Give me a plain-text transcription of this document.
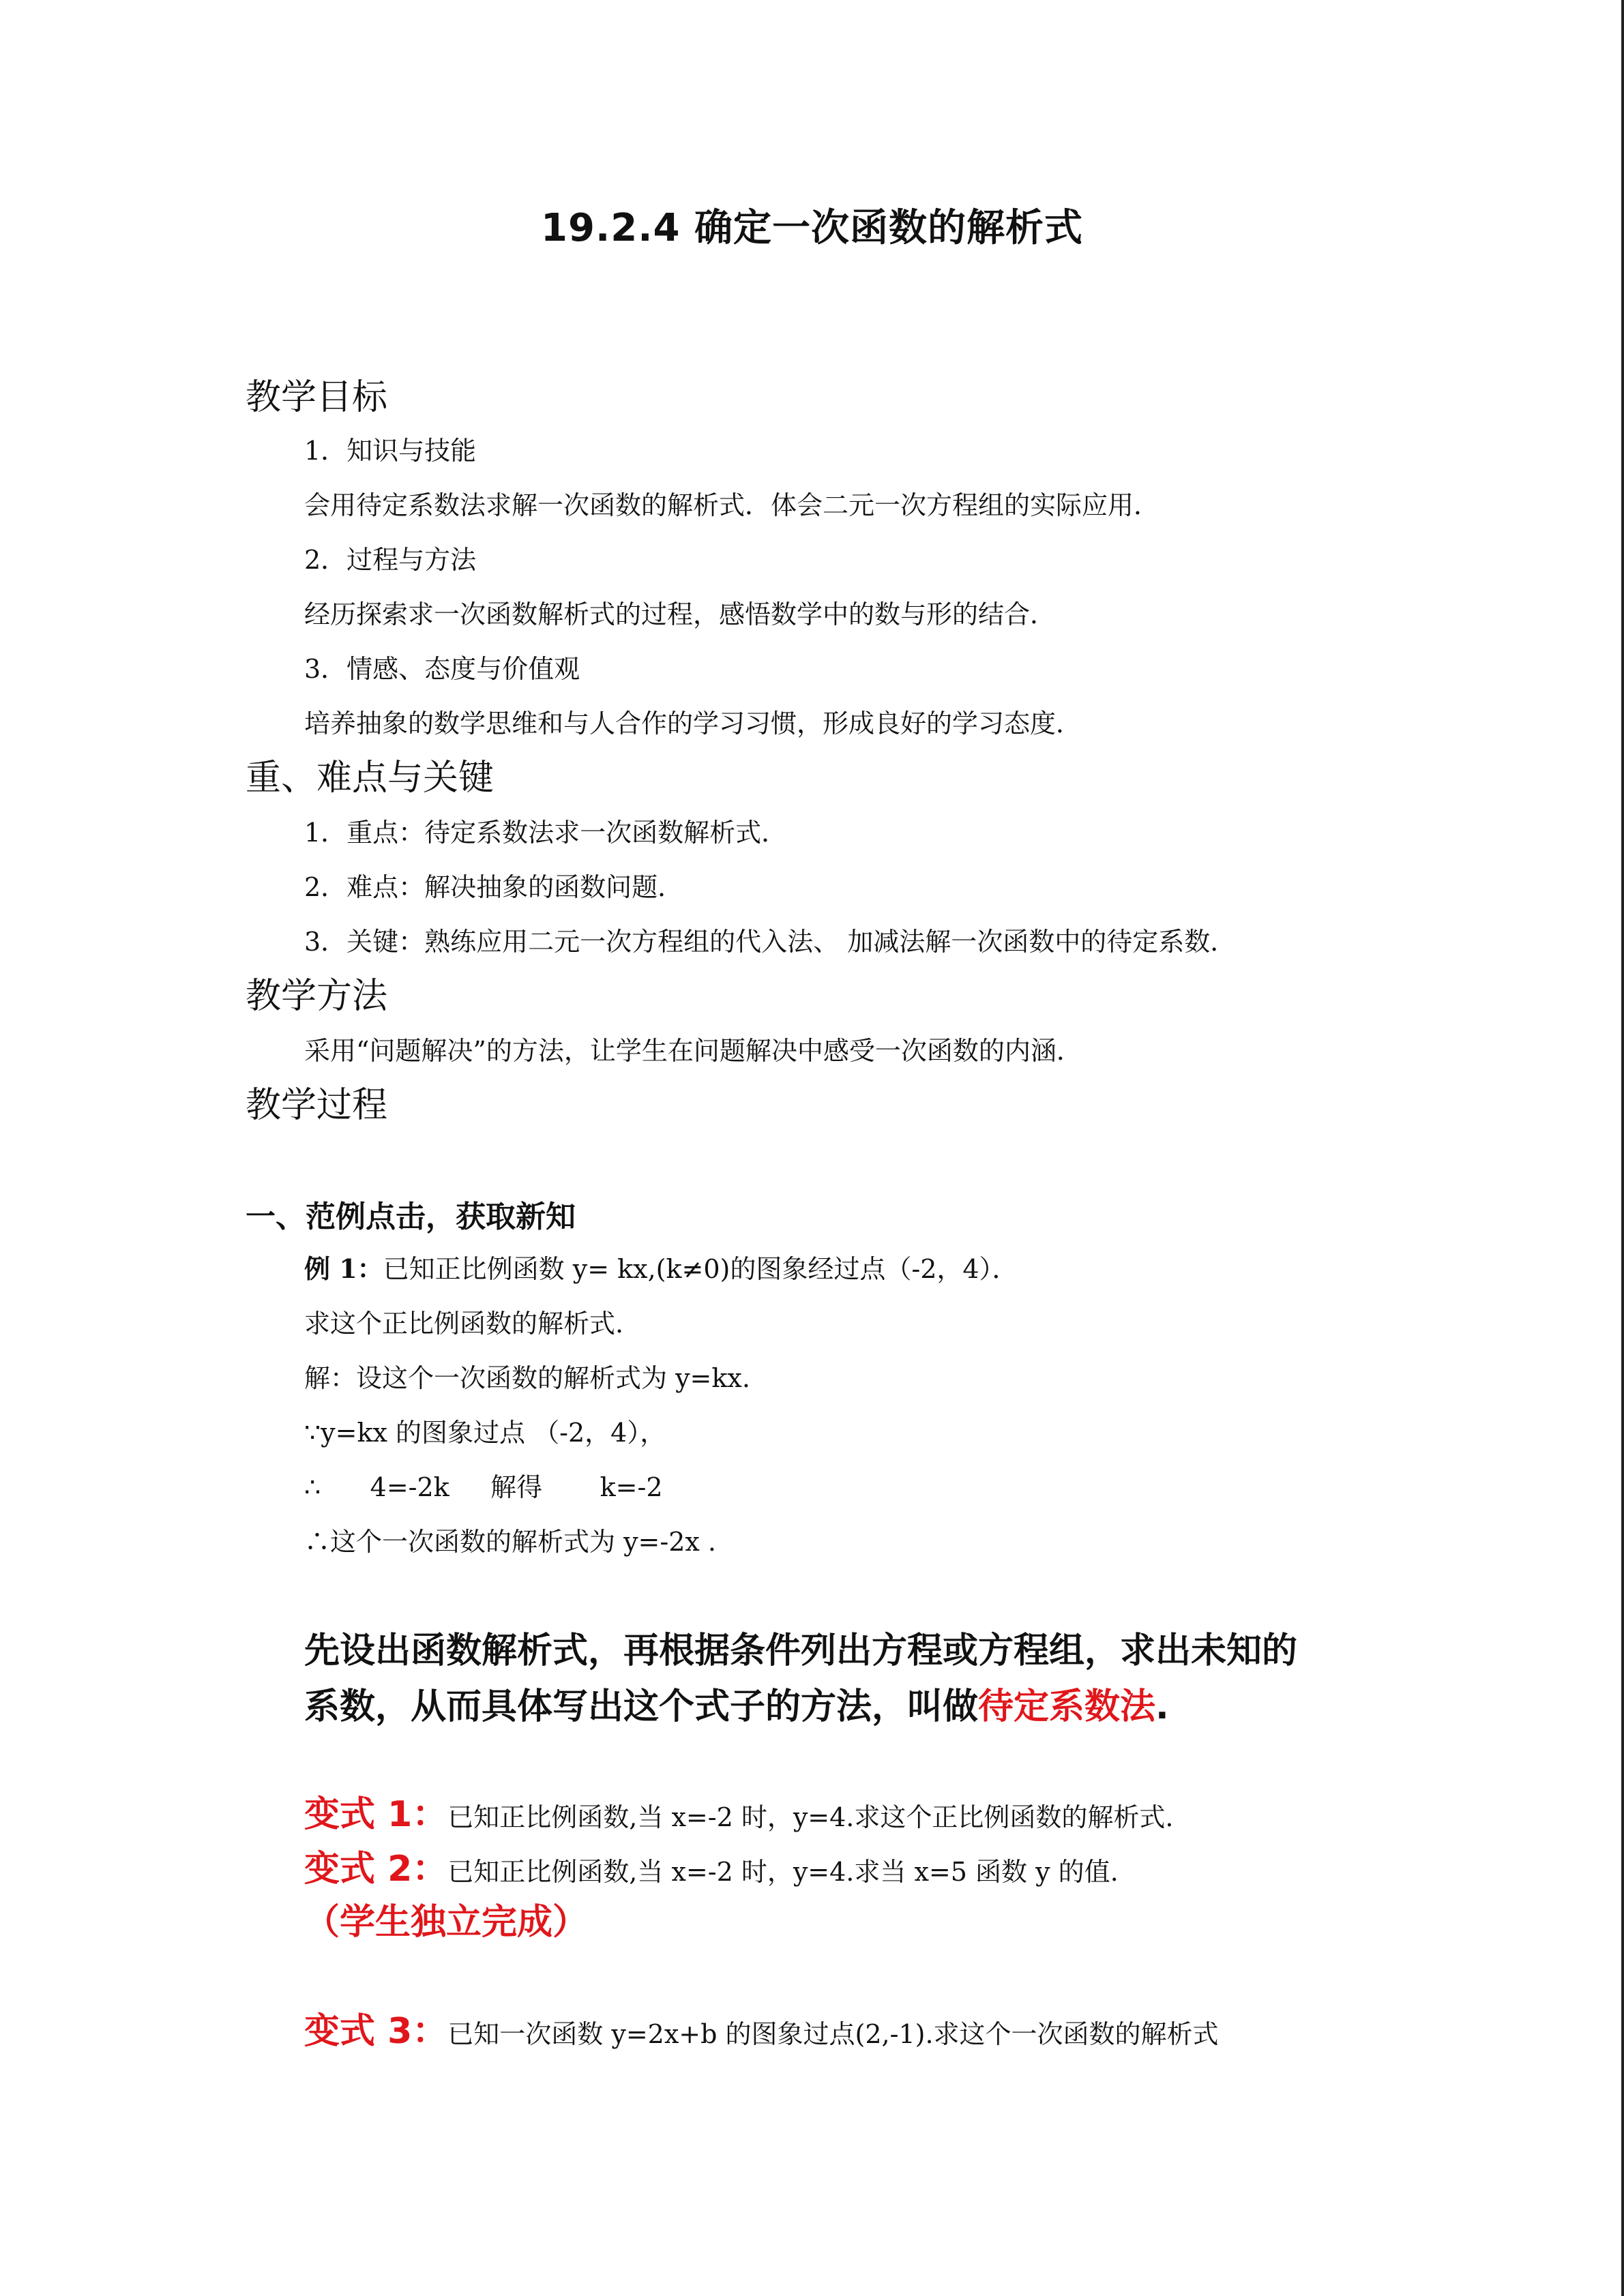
19.2.4 确定一次函数的解析式
教学目标
1．知识与技能
会用待定系数法求解一次函数的解析式．体会二元一次方程组的实际应用．
2．过程与方法
经历探索求一次函数解析式的过程，感悟数学中的数与形的结合．
3．情感、态度与价值观
培养抽象的数学思维和与人合作的学习习惯，形成良好的学习态度．
重、难点与关键
1．重点：待定系数法求一次函数解析式．
2．难点：解决抽象的函数问题．
3．关键：熟练应用二元一次方程组的代入法、 加减法解一次函数中的待定系数．
教学方法
采用“问题解决”的方法，让学生在问题解决中感受一次函数的内涵．
教学过程
一、范例点击，获取新知
例 1：已知正比例函数 y= kx,(k≠0)的图象经过点（-2，4）．
求这个正比例函数的解析式.
解：设这个一次函数的解析式为 y=kx.
∵y=kx 的图象过点 （-2，4），
∴      4=-2k     解得       k=-2
∴这个一次函数的解析式为 y=-2x .
先设出函数解析式，再根据条件列出方程或方程组，求出未知的
系数，从而具体写出这个式子的方法，叫做待定系数法.
变式 1：已知正比例函数,当 x=-2 时，y=4.求这个正比例函数的解析式.
变式 2：已知正比例函数,当 x=-2 时，y=4.求当 x=5 函数 y 的值.
（学生独立完成）
变式 3：已知一次函数 y=2x+b 的图象过点(2,-1).求这个一次函数的解析式
